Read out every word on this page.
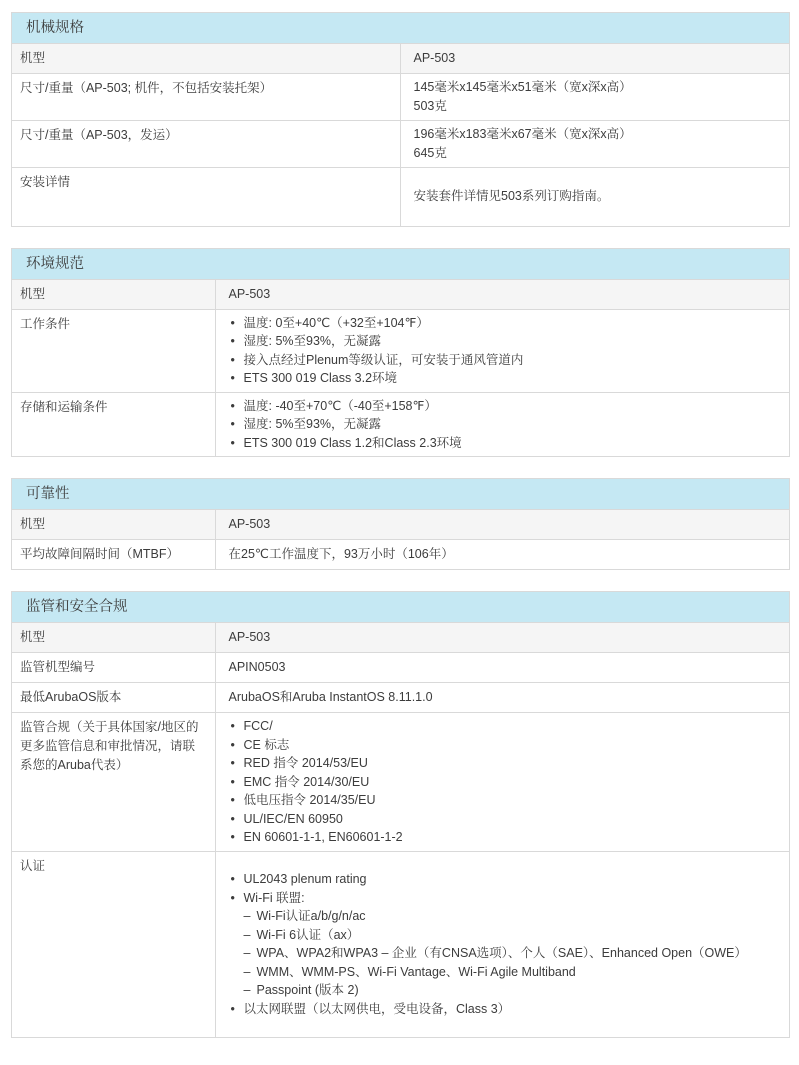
机械规格
机型	AP-503

尺寸/重量（AP-503; 机件，不包括安装托架）	145毫米x145毫米x51毫米（宽x深x高）
503克

尺寸/重量（AP-503，发运）	196毫米x183毫米x67毫米（宽x深x高）
645克

安装详情	安装套件详情见503系列订购指南。
环境规范
机型	AP-503

工作条件	
•温度: 0至+40℃（+32至+104℉）
• 湿度: 5%至93%，无凝露
• 接入点经过Plenum等级认证，可安装于通风管道内
• ETS 300 019 Class 3.2环境

存储和运输条件	
•温度: -40至+70℃（-40至+158℉）
• 湿度: 5%至93%，无凝露
• ETS 300 019 Class 1.2和Class 2.3环境
可靠性
机型	AP-503

平均故障间隔时间（MTBF）	在25℃工作温度下，93万小时（106年）
监管和安全合规
机型	AP-503

监管机型编号	APIN0503

最低ArubaOS版本	ArubaOS和Aruba InstantOS 8.11.1.0

监管合规（关于具体国家/地区的更多监管信息和审批情况，请联系您的Aruba代表）	
• FCC/
• CE 标志
• RED 指令 2014/53/EU
• EMC 指令 2014/30/EU
• 低电压指令 2014/35/EU
• UL/IEC/EN 60950
• EN 60601-1-1, EN60601-1-2

认证	
• UL2043 plenum rating
• Wi-Fi 联盟:
– Wi-Fi认证a/b/g/n/ac
– Wi-Fi 6认证（ax）
– WPA、WPA2和WPA3 – 企业（有CNSA选项）、个人（SAE）、Enhanced Open（OWE）
– WMM、WMM-PS、Wi-Fi Vantage、Wi-Fi Agile Multiband
– Passpoint (版本 2)
• 以太网联盟（以太网供电，受电设备，Class 3）
